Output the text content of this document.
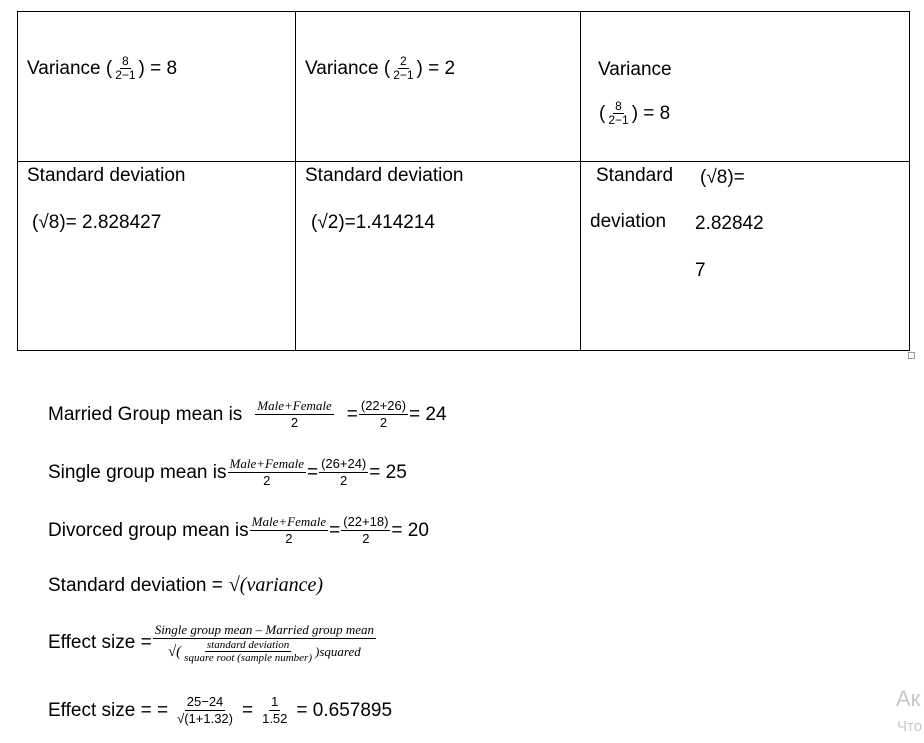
Variance ( $\frac{8}{2-1}$ ) = 8
Standard deviation
(√8)= 2.828427
Variance ( $\frac{2}{2-1}$ ) = 2
Standard deviation
(√2)=1.414214
Variance
( $\frac{8}{2-1}$ ) = 8
Standard
deviation
(√8)=
2.82842
7
Married Group mean is $\frac{\text{Male+Female}}{2} = \frac{(22+26)}{2} = 24$
Single group mean is $\frac{\text{Male+Female}}{2} = \frac{(26+24)}{2} = 25$
Divorced group mean is $\frac{\text{Male+Female}}{2} = \frac{(22+18)}{2} = 20$
Standard deviation = √(variance)
Effect size =
Single group mean – Married group mean
√( $\frac{\text{standard deviation}}{\text{square root (sample number)}}$ )squared
Effect size = = $\frac{25-24}{√(1+1.32)} = \frac{1}{1.52} = 0.657895$	Ак
Что
